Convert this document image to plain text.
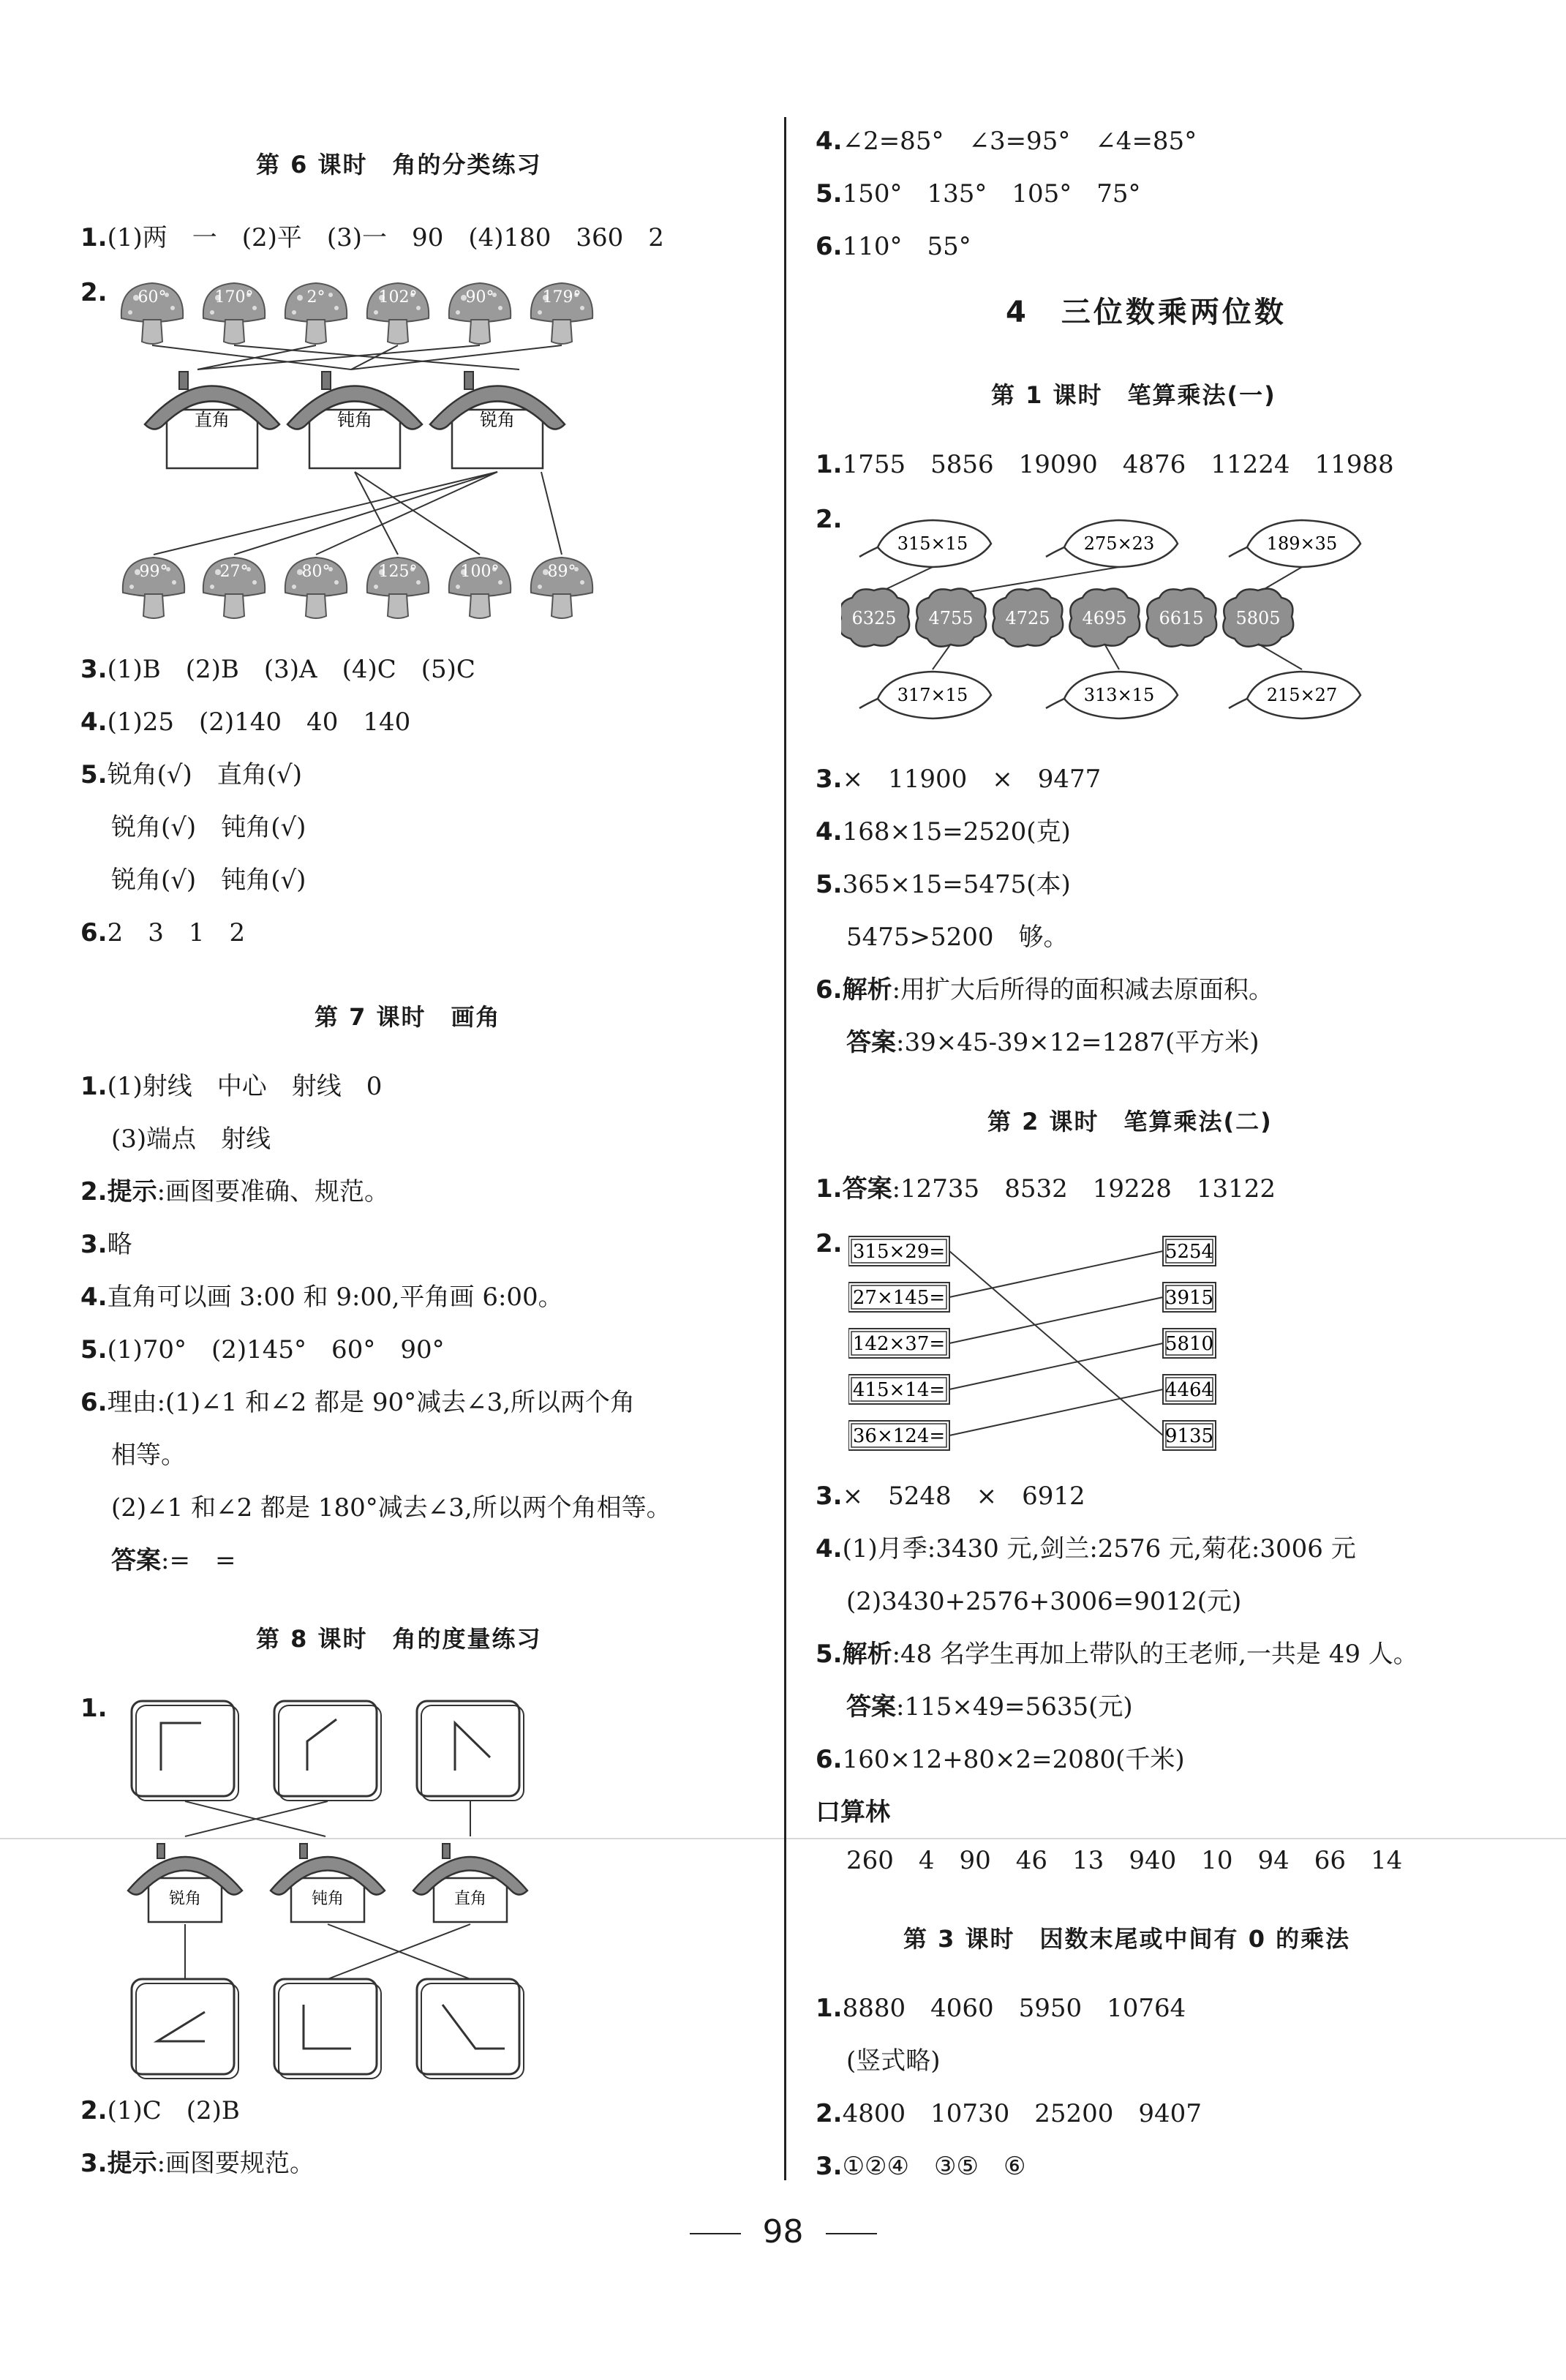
第 6 课时　角的分类练习
1.(1)两　一　(2)平　(3)一　90　(4)180　360　2
2. 60°	170°	2°	102°	90°	179°
直角	钝角	锐角
99°	27°	80°	125°	100°	89°
3.(1)B　(2)B　(3)A　(4)C　(5)C
4.(1)25　(2)140　40　140
5.锐角(√)　直角(√)
锐角(√)　钝角(√)
锐角(√)　钝角(√)
6.2　3　1　2
第 7 课时　画角
1.(1)射线　中心　射线　0
(3)端点　射线
2.提示:画图要准确、规范。
3.略
4.直角可以画 3:00 和 9:00,平角画 6:00。
5.(1)70°　(2)145°　60°　90°
6.理由:(1)∠1 和∠2 都是 90°减去∠3,所以两个角
相等。
(2)∠1 和∠2 都是 180°减去∠3,所以两个角相等。
答案:=　=
第 8 课时　角的度量练习
1.
锐角	钝角	直角
2.(1)C　(2)B
3.提示:画图要规范。
4.∠2=85°　∠3=95°　∠4=85°
5.150°　135°　105°　75°
6.110°　55°
4　三位数乘两位数
第 1 课时　笔算乘法(一)
1.1755　5856　19090　4876　11224　11988
2.
315×15	275×23	189×35
6325 4755 4725 4695 6615 5805
317×15	313×15	215×27
3.×　11900　×　9477
4.168×15=2520(克)
5.365×15=5475(本)
5475>5200　够。
6.解析:用扩大后所得的面积减去原面积。
答案:39×45-39×12=1287(平方米)
第 2 课时　笔算乘法(二)
1.答案:12735　8532　19228　13122
2. 315×29=
27×145=
142×37=
415×14=
36×124=
5254
3915
5810
4464
9135
3.×　5248　×　6912
4.(1)月季:3430 元,剑兰:2576 元,菊花:3006 元
(2)3430+2576+3006=9012(元)
5.解析:48 名学生再加上带队的王老师,一共是 49 人。
答案:115×49=5635(元)
6.160×12+80×2=2080(千米)
口算林
260　4　90　46　13　940　10　94　66　14
第 3 课时　因数末尾或中间有 0 的乘法
1.8880　4060　5950　10764
(竖式略)
2.4800　10730　25200　9407
3.①②④　③⑤　⑥
98
